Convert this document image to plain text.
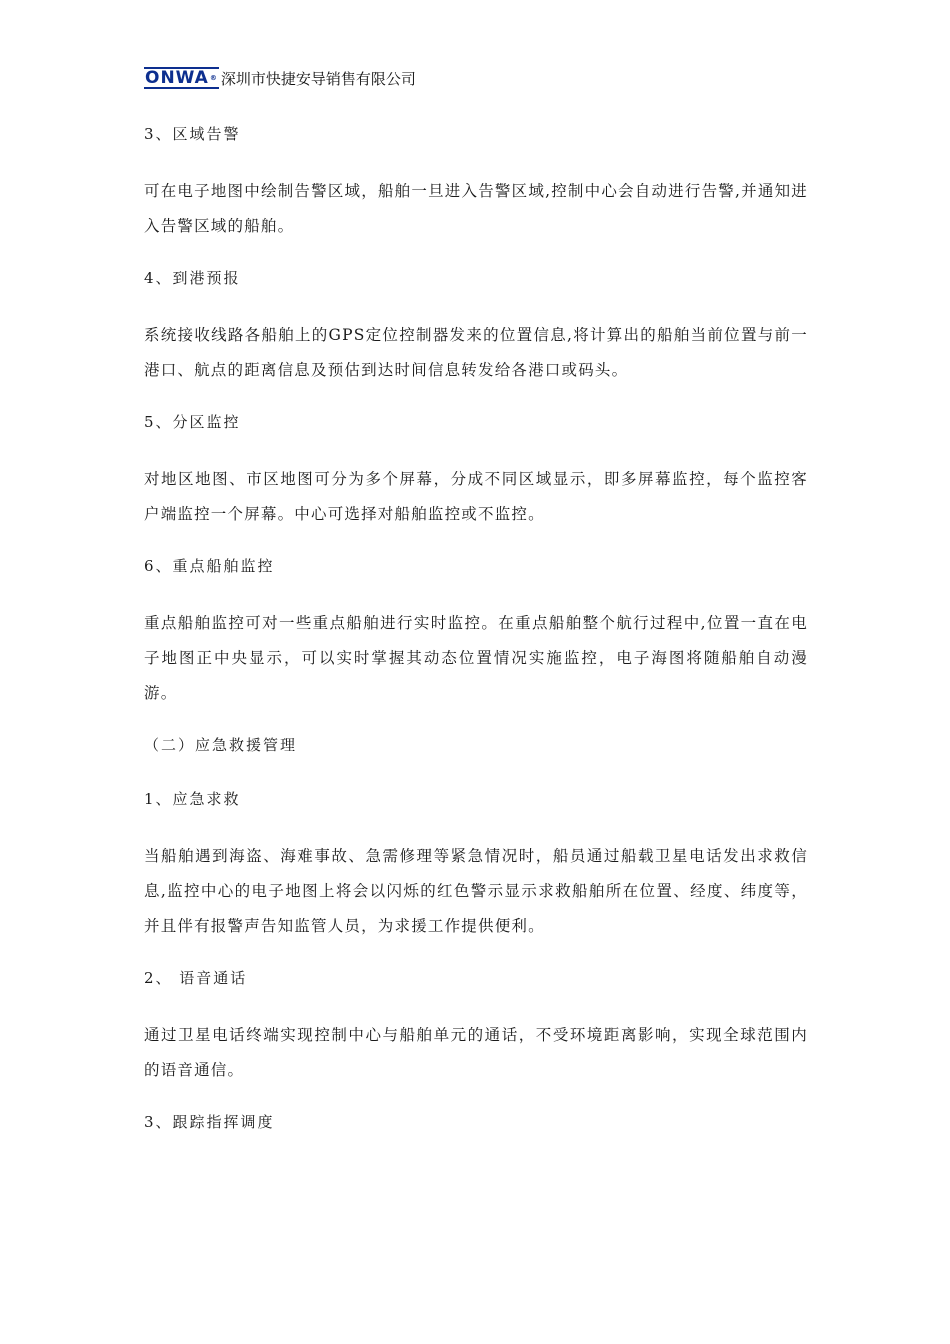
ONWA® 深圳市快捷安导销售有限公司
3、区域告警
可在电子地图中绘制告警区域，船舶一旦进入告警区域,控制中心会自动进行告警,并通知进入告警区域的船舶。
4、到港预报
系统接收线路各船舶上的GPS定位控制器发来的位置信息,将计算出的船舶当前位置与前一港口、航点的距离信息及预估到达时间信息转发给各港口或码头。
5、分区监控
对地区地图、市区地图可分为多个屏幕，分成不同区域显示，即多屏幕监控，每个监控客户端监控一个屏幕。中心可选择对船舶监控或不监控。
6、重点船舶监控
重点船舶监控可对一些重点船舶进行实时监控。在重点船舶整个航行过程中,位置一直在电子地图正中央显示，可以实时掌握其动态位置情况实施监控，电子海图将随船舶自动漫游。
（二）应急救援管理
1、应急求救
当船舶遇到海盗、海难事故、急需修理等紧急情况时，船员通过船载卫星电话发出求救信息,监控中心的电子地图上将会以闪烁的红色警示显示求救船舶所在位置、经度、纬度等，并且伴有报警声告知监管人员，为求援工作提供便利。
2、 语音通话
通过卫星电话终端实现控制中心与船舶单元的通话，不受环境距离影响，实现全球范围内的语音通信。
3、跟踪指挥调度
